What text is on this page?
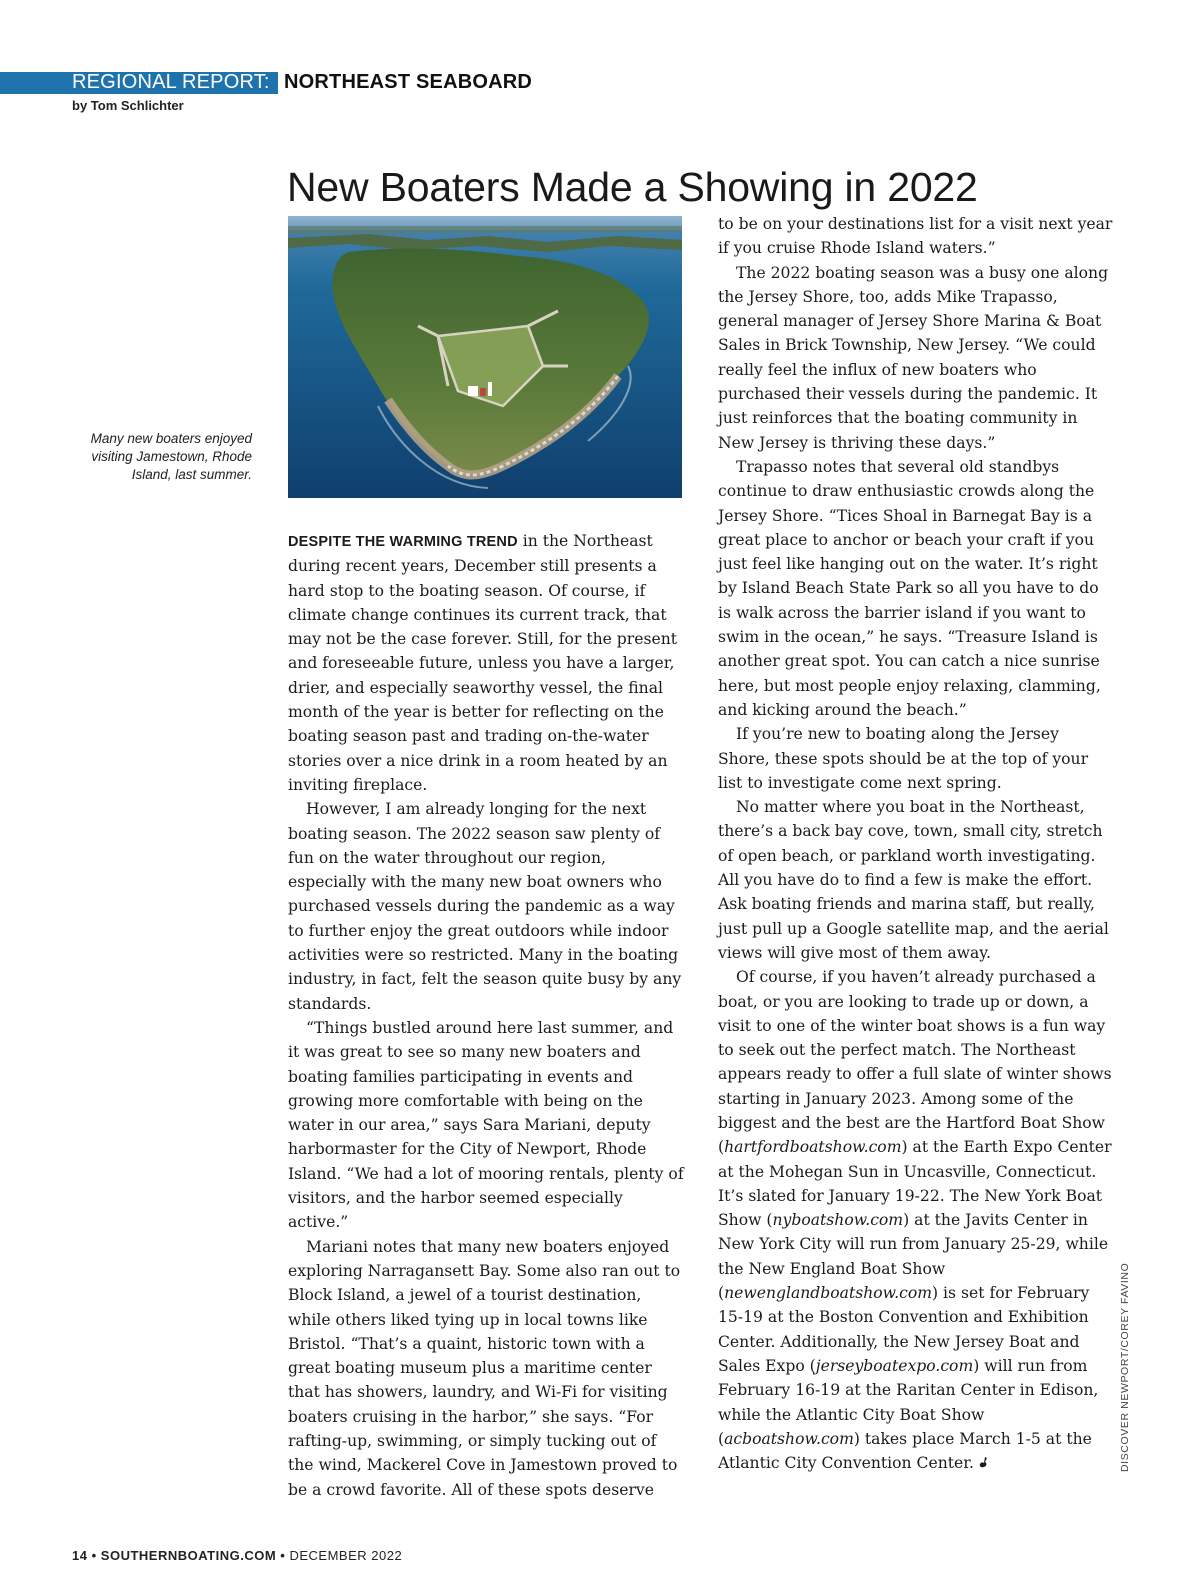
REGIONAL REPORT: NORTHEAST SEABOARD
by Tom Schlichter
New Boaters Made a Showing in 2022
Many new boaters enjoyed visiting Jamestown, Rhode Island, last summer.

DESPITE THE WARMING TREND in the Northeast during recent years, December still presents a hard stop to the boating season. Of course, if climate change continues its current track, that may not be the case forever. Still, for the present and foreseeable future, unless you have a larger, drier, and especially seaworthy vessel, the final month of the year is better for reflecting on the boating season past and trading on-the-water stories over a nice drink in a room heated by an inviting fireplace.

However, I am already longing for the next boating season. The 2022 season saw plenty of fun on the water throughout our region, especially with the many new boat owners who purchased vessels during the pandemic as a way to further enjoy the great outdoors while indoor activities were so restricted. Many in the boating industry, in fact, felt the season quite busy by any standards.

“Things bustled around here last summer, and it was great to see so many new boaters and boating families participating in events and growing more comfortable with being on the water in our area,” says Sara Mariani, deputy harbormaster for the City of Newport, Rhode Island. “We had a lot of mooring rentals, plenty of visitors, and the harbor seemed especially active.”

Mariani notes that many new boaters enjoyed exploring Narragansett Bay. Some also ran out to Block Island, a jewel of a tourist destination, while others liked tying up in local towns like Bristol. “That’s a quaint, historic town with a great boating museum plus a maritime center that has showers, laundry, and Wi-Fi for visiting boaters cruising in the harbor,” she says. “For rafting-up, swimming, or simply tucking out of the wind, Mackerel Cove in Jamestown proved to be a crowd favorite. All of these spots deserve

to be on your destinations list for a visit next year if you cruise Rhode Island waters.”

The 2022 boating season was a busy one along the Jersey Shore, too, adds Mike Trapasso, general manager of Jersey Shore Marina & Boat Sales in Brick Township, New Jersey. “We could really feel the influx of new boaters who purchased their vessels during the pandemic. It just reinforces that the boating community in New Jersey is thriving these days.”

Trapasso notes that several old standbys continue to draw enthusiastic crowds along the Jersey Shore. “Tices Shoal in Barnegat Bay is a great place to anchor or beach your craft if you just feel like hanging out on the water. It’s right by Island Beach State Park so all you have to do is walk across the barrier island if you want to swim in the ocean,” he says. “Treasure Island is another great spot. You can catch a nice sunrise here, but most people enjoy relaxing, clamming, and kicking around the beach.”

If you’re new to boating along the Jersey Shore, these spots should be at the top of your list to investigate come next spring.

No matter where you boat in the Northeast, there’s a back bay cove, town, small city, stretch of open beach, or parkland worth investigating. All you have do to find a few is make the effort. Ask boating friends and marina staff, but really, just pull up a Google satellite map, and the aerial views will give most of them away.

Of course, if you haven’t already purchased a boat, or you are looking to trade up or down, a visit to one of the winter boat shows is a fun way to seek out the perfect match. The Northeast appears ready to offer a full slate of winter shows starting in January 2023. Among some of the biggest and the best are the Hartford Boat Show (hartfordboatshow.com) at the Earth Expo Center at the Mohegan Sun in Uncasville, Connecticut. It’s slated for January 19-22. The New York Boat Show (nyboatshow.com) at the Javits Center in New York City will run from January 25-29, while the New England Boat Show (newenglandboatshow.com) is set for February 15-19 at the Boston Convention and Exhibition Center. Additionally, the New Jersey Boat and Sales Expo (jerseyboatexpo.com) will run from February 16-19 at the Raritan Center in Edison, while the Atlantic City Boat Show (acboatshow.com) takes place March 1-5 at the Atlantic City Convention Center.	DISCOVER NEWPORT/COREY FAVINO
14 • SOUTHERNBOATING.COM • DECEMBER 2022
